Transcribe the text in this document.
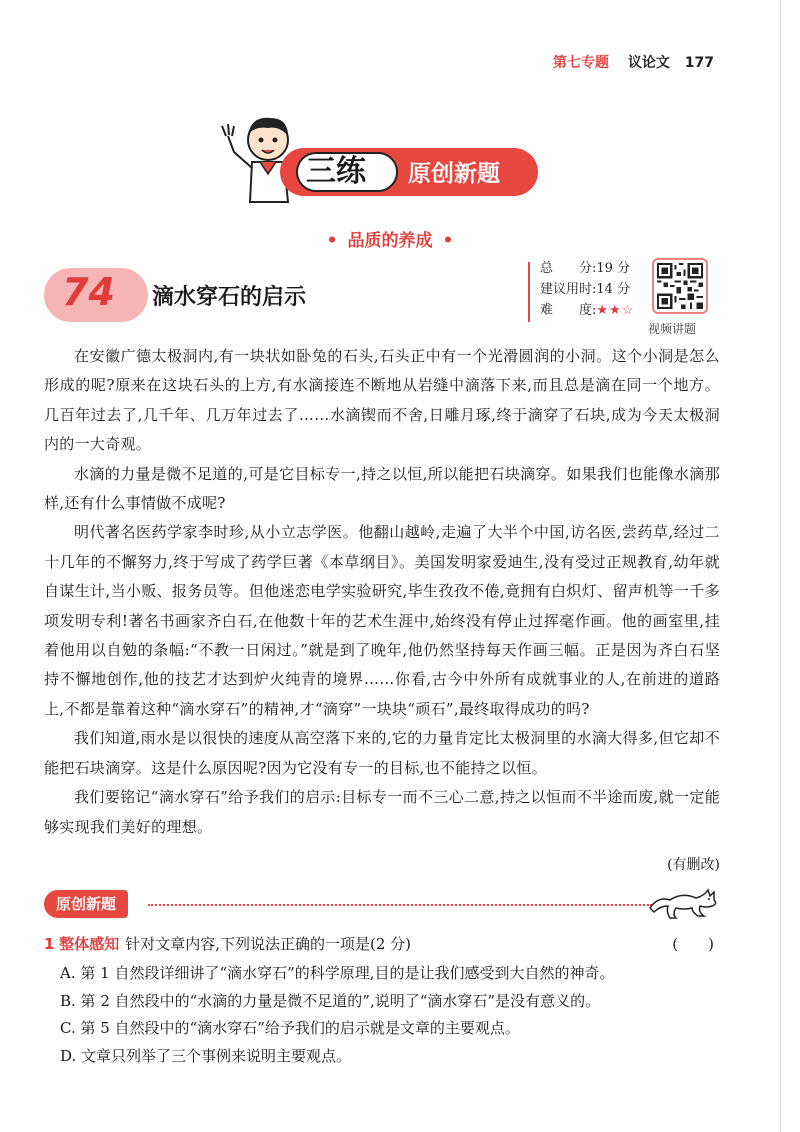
第七专题 议论文 177
三练 原创新题
• 品质的养成 •
74 滴水穿石的启示
总　　分:19 分
建议用时:14 分
难　　度:★★☆
视频讲题

在安徽广德太极洞内,有一块状如卧兔的石头,石头正中有一个光滑圆润的小洞。这个小洞是怎么形成的呢?原来在这块石头的上方,有水滴接连不断地从岩缝中滴落下来,而且总是滴在同一个地方。几百年过去了,几千年、几万年过去了……水滴锲而不舍,日雕月琢,终于滴穿了石块,成为今天太极洞内的一大奇观。

水滴的力量是微不足道的,可是它目标专一,持之以恒,所以能把石块滴穿。如果我们也能像水滴那样,还有什么事情做不成呢?

明代著名医药学家李时珍,从小立志学医。他翻山越岭,走遍了大半个中国,访名医,尝药草,经过二十几年的不懈努力,终于写成了药学巨著《本草纲目》。美国发明家爱迪生,没有受过正规教育,幼年就自谋生计,当小贩、报务员等。但他迷恋电学实验研究,毕生孜孜不倦,竟拥有白炽灯、留声机等一千多项发明专利!著名书画家齐白石,在他数十年的艺术生涯中,始终没有停止过挥毫作画。他的画室里,挂着他用以自勉的条幅:“不教一日闲过。”就是到了晚年,他仍然坚持每天作画三幅。正是因为齐白石坚持不懈地创作,他的技艺才达到炉火纯青的境界……你看,古今中外所有成就事业的人,在前进的道路上,不都是靠着这种“滴水穿石”的精神,才“滴穿”一块块“顽石”,最终取得成功的吗?

我们知道,雨水是以很快的速度从高空落下来的,它的力量肯定比太极洞里的水滴大得多,但它却不能把石块滴穿。这是什么原因呢?因为它没有专一的目标,也不能持之以恒。

我们要铭记“滴水穿石”给予我们的启示:目标专一而不三心二意,持之以恒而不半途而废,就一定能够实现我们美好的理想。

(有删改)
原创新题
1 整体感知 针对文章内容,下列说法正确的一项是(2 分)	(　　)
A. 第 1 自然段详细讲了“滴水穿石”的科学原理,目的是让我们感受到大自然的神奇。
B. 第 2 自然段中的“水滴的力量是微不足道的”,说明了“滴水穿石”是没有意义的。
C. 第 5 自然段中的“滴水穿石”给予我们的启示就是文章的主要观点。
D. 文章只列举了三个事例来说明主要观点。
